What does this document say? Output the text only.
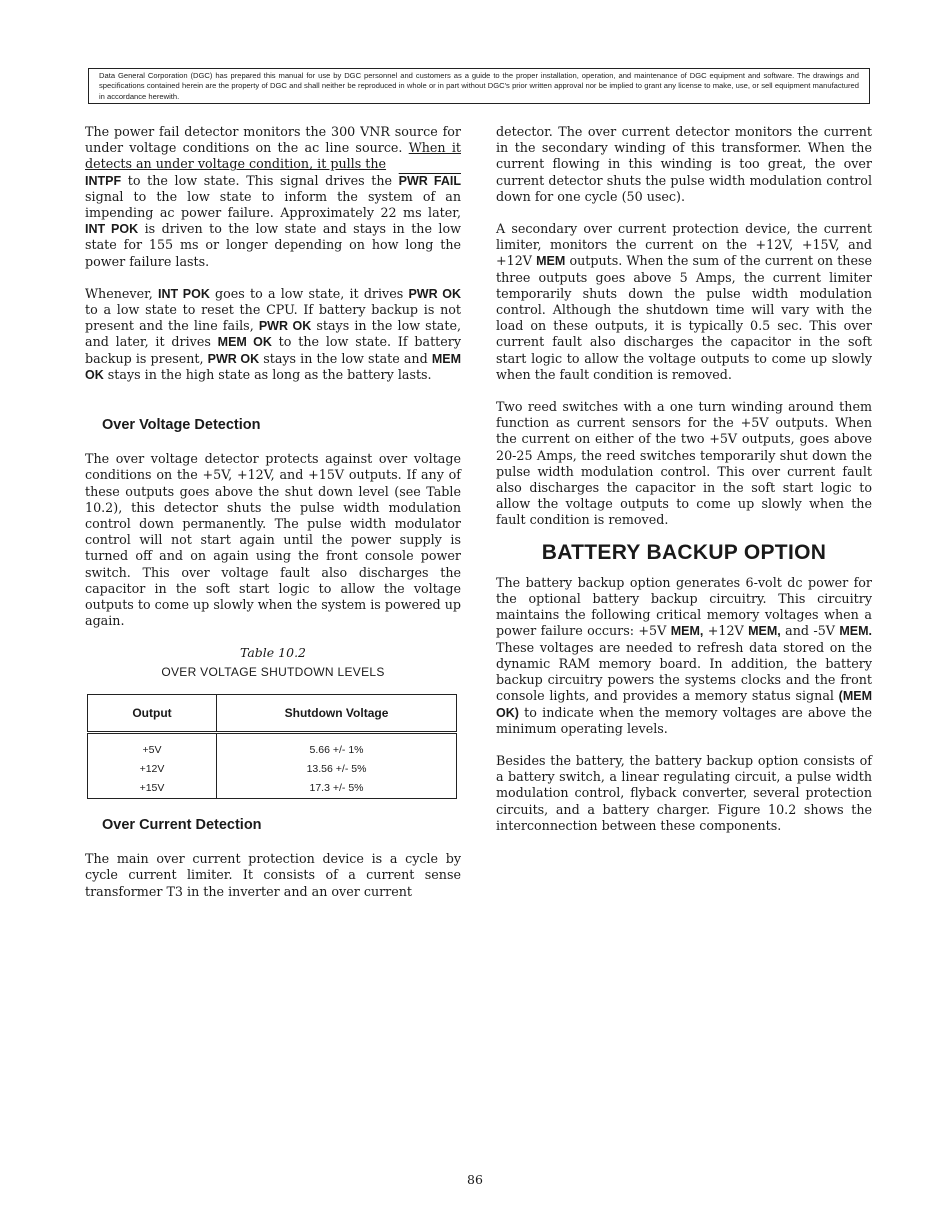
Data General Corporation (DGC) has prepared this manual for use by DGC personnel and customers as a guide to the proper installation, operation, and maintenance of DGC equipment and software. The drawings and specifications contained herein are the property of DGC and shall neither be reproduced in whole or in part without DGC's prior written approval nor be implied to grant any license to make, use, or sell equipment manufactured in accordance herewith.

The power fail detector monitors the 300 VNR source for under voltage conditions on the ac line source. When it detects an under voltage condition, it pulls the
INTPF to the low state. This signal drives the PWR FAIL signal to the low state to inform the system of an impending ac power failure. Approximately 22 ms later, INT POK is driven to the low state and stays in the low state for 155 ms or longer depending on how long the power failure lasts.

Whenever, INT POK goes to a low state, it drives PWR OK to a low state to reset the CPU. If battery backup is not present and the line fails, PWR OK stays in the low state, and later, it drives MEM OK to the low state. If battery backup is present, PWR OK stays in the low state and MEM OK stays in the high state as long as the battery lasts.

Over Voltage Detection

The over voltage detector protects against over voltage conditions on the +5V, +12V, and +15V outputs. If any of these outputs goes above the shut down level (see Table 10.2), this detector shuts the pulse width modulation control down permanently. The pulse width modulator control will not start again until the power supply is turned off and on again using the front console power switch. This over voltage fault also discharges the capacitor in the soft start logic to allow the voltage outputs to come up slowly when the system is powered up again.

Table 10.2
OVER VOLTAGE SHUTDOWN LEVELS
Output	Shutdown Voltage
+5V	5.66 +/- 1%
+12V	13.56 +/- 5%
+15V	17.3 +/- 5%
Over Current Detection

The main over current protection device is a cycle by cycle current limiter. It consists of a current sense transformer T3 in the inverter and an over current

detector. The over current detector monitors the current in the secondary winding of this transformer. When the current flowing in this winding is too great, the over current detector shuts the pulse width modulation control down for one cycle (50 usec).

A secondary over current protection device, the current limiter, monitors the current on the +12V, +15V, and +12V MEM outputs. When the sum of the current on these three outputs goes above 5 Amps, the current limiter temporarily shuts down the pulse width modulation control. Although the shutdown time will vary with the load on these outputs, it is typically 0.5 sec. This over current fault also discharges the capacitor in the soft start logic to allow the voltage outputs to come up slowly when the fault condition is removed.

Two reed switches with a one turn winding around them function as current sensors for the +5V outputs. When the current on either of the two +5V outputs, goes above 20-25 Amps, the reed switches temporarily shut down the pulse width modulation control. This over current fault also discharges the capacitor in the soft start logic to allow the voltage outputs to come up slowly when the fault condition is removed.

BATTERY BACKUP OPTION

The battery backup option generates 6-volt dc power for the optional battery backup circuitry. This circuitry maintains the following critical memory voltages when a power failure occurs: +5V MEM, +12V MEM, and -5V MEM. These voltages are needed to refresh data stored on the dynamic RAM memory board. In addition, the battery backup circuitry powers the systems clocks and the front console lights, and provides a memory status signal (MEM OK) to indicate when the memory voltages are above the minimum operating levels.

Besides the battery, the battery backup option consists of a battery switch, a linear regulating circuit, a pulse width modulation control, flyback converter, several protection circuits, and a battery charger. Figure 10.2 shows the interconnection between these components.

86
